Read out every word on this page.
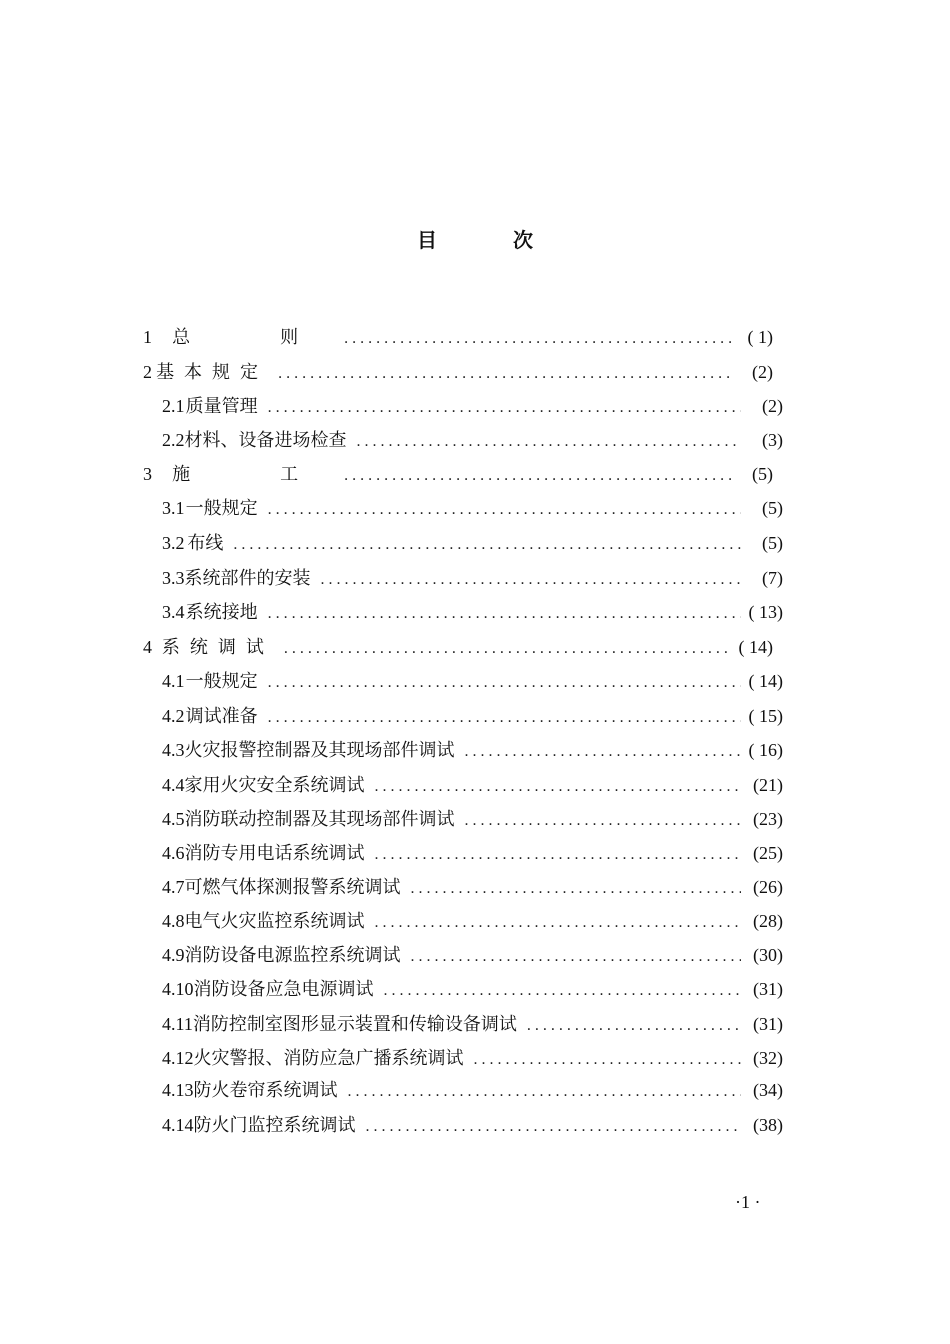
目	次
1 总　则 .....	( 1)
2 基本规定 .....	(2)
2.1 质量管理 .....	(2)
2.2 材料、设备进场检查 .....	(3)
3 施　工 .....	(5)
3.1 一般规定 .....	(5)
3.2 布线 .....	(5)
3.3 系统部件的安装 .....	(7)
3.4 系统接地 .....	( 13)
4 系统调试 .....	( 14)
4.1 一般规定 .....	( 14)
4.2 调试准备 .....	( 15)
4.3 火灾报警控制器及其现场部件调试 .....	( 16)
4.4 家用火灾安全系统调试 .....	(21)
4.5 消防联动控制器及其现场部件调试 .....	(23)
4.6 消防专用电话系统调试 .....	(25)
4.7 可燃气体探测报警系统调试 .....	(26)
4.8 电气火灾监控系统调试 .....	(28)
4.9 消防设备电源监控系统调试 .....	(30)
4.10 消防设备应急电源调试 .....	(31)
4.11 消防控制室图形显示装置和传输设备调试 .....	(31)
4.12 火灾警报、消防应急广播系统调试 .....	(32)
4.13 防火卷帘系统调试 .....	(34)
4.14 防火门监控系统调试 .....	(38)
·1 ·
